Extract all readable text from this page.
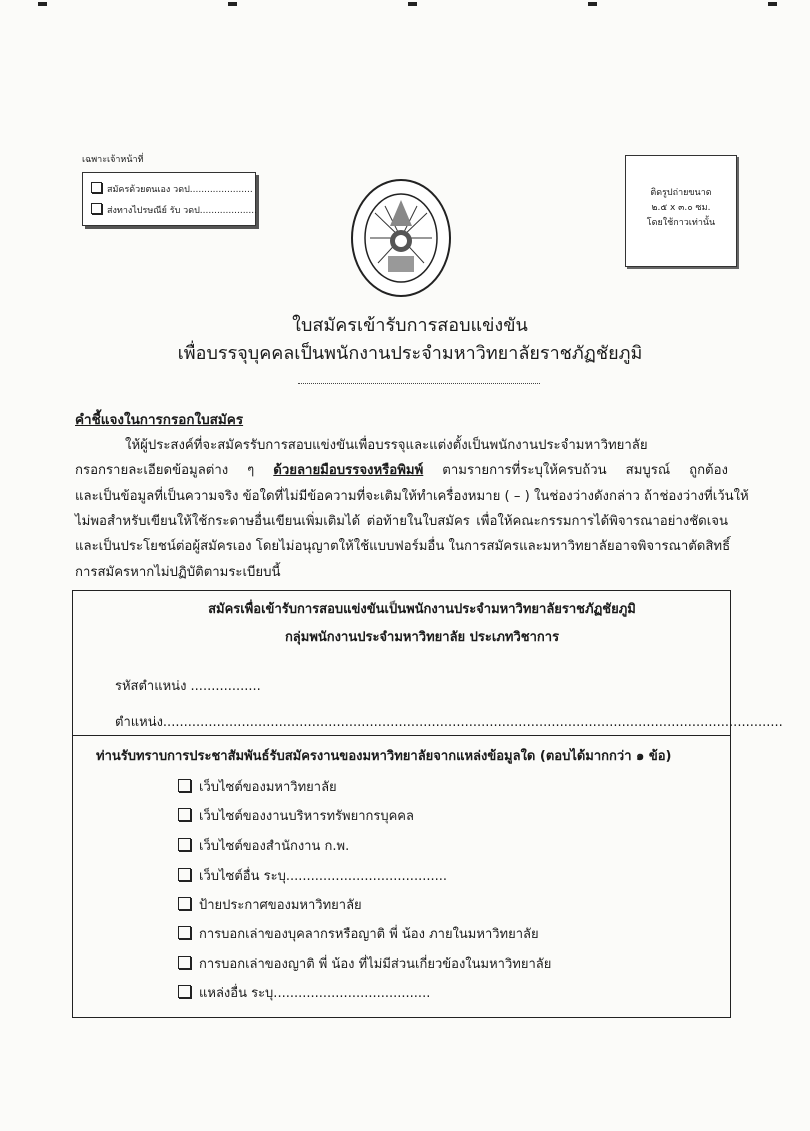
เฉพาะเจ้าหน้าที่
สมัครด้วยตนเอง วดป......................
ส่งทางไปรษณีย์ รับ วดป....................
ติดรูปถ่ายขนาด
๒.๕ x ๓.๐ ซม.
โดยใช้กาวเท่านั้น
ใบสมัครเข้ารับการสอบแข่งขัน
เพื่อบรรจุบุคคลเป็นพนักงานประจำมหาวิทยาลัยราชภัฏชัยภูมิ
คำชี้แจงในการกรอกใบสมัคร
ให้ผู้ประสงค์ที่จะสมัครรับการสอบแข่งขันเพื่อบรรจุและแต่งตั้งเป็นพนักงานประจำมหาวิทยาลัย
กรอกรายละเอียดข้อมูลต่าง ๆ ด้วยลายมือบรรจงหรือพิมพ์ ตามรายการที่ระบุให้ครบถ้วน สมบูรณ์ ถูกต้อง
และเป็นข้อมูลที่เป็นความจริง ข้อใดที่ไม่มีข้อความที่จะเติมให้ทำเครื่องหมาย ( – ) ในช่องว่างดังกล่าว ถ้าช่องว่างที่เว้นให้
ไม่พอสำหรับเขียนให้ใช้กระดาษอื่นเขียนเพิ่มเติมได้ ต่อท้ายในใบสมัคร เพื่อให้คณะกรรมการได้พิจารณาอย่างชัดเจน
และเป็นประโยชน์ต่อผู้สมัครเอง โดยไม่อนุญาตให้ใช้แบบฟอร์มอื่น ในการสมัครและมหาวิทยาลัยอาจพิจารณาตัดสิทธิ์
การสมัครหากไม่ปฏิบัติตามระเบียบนี้
สมัครเพื่อเข้ารับการสอบแข่งขันเป็นพนักงานประจำมหาวิทยาลัยราชภัฏชัยภูมิ
กลุ่มพนักงานประจำมหาวิทยาลัย ประเภทวิชาการ
รหัสตำแหน่ง .................
ตำแหน่ง......................................................................................................................................................
ท่านรับทราบการประชาสัมพันธ์รับสมัครงานของมหาวิทยาลัยจากแหล่งข้อมูลใด (ตอบได้มากกว่า ๑ ข้อ)
เว็บไซต์ของมหาวิทยาลัย
เว็บไซต์ของงานบริหารทรัพยากรบุคคล
เว็บไซต์ของสำนักงาน ก.พ.
เว็บไซต์อื่น ระบุ.......................................
ป้ายประกาศของมหาวิทยาลัย
การบอกเล่าของบุคลากรหรือญาติ พี่ น้อง ภายในมหาวิทยาลัย
การบอกเล่าของญาติ พี่ น้อง ที่ไม่มีส่วนเกี่ยวข้องในมหาวิทยาลัย
แหล่งอื่น ระบุ......................................
